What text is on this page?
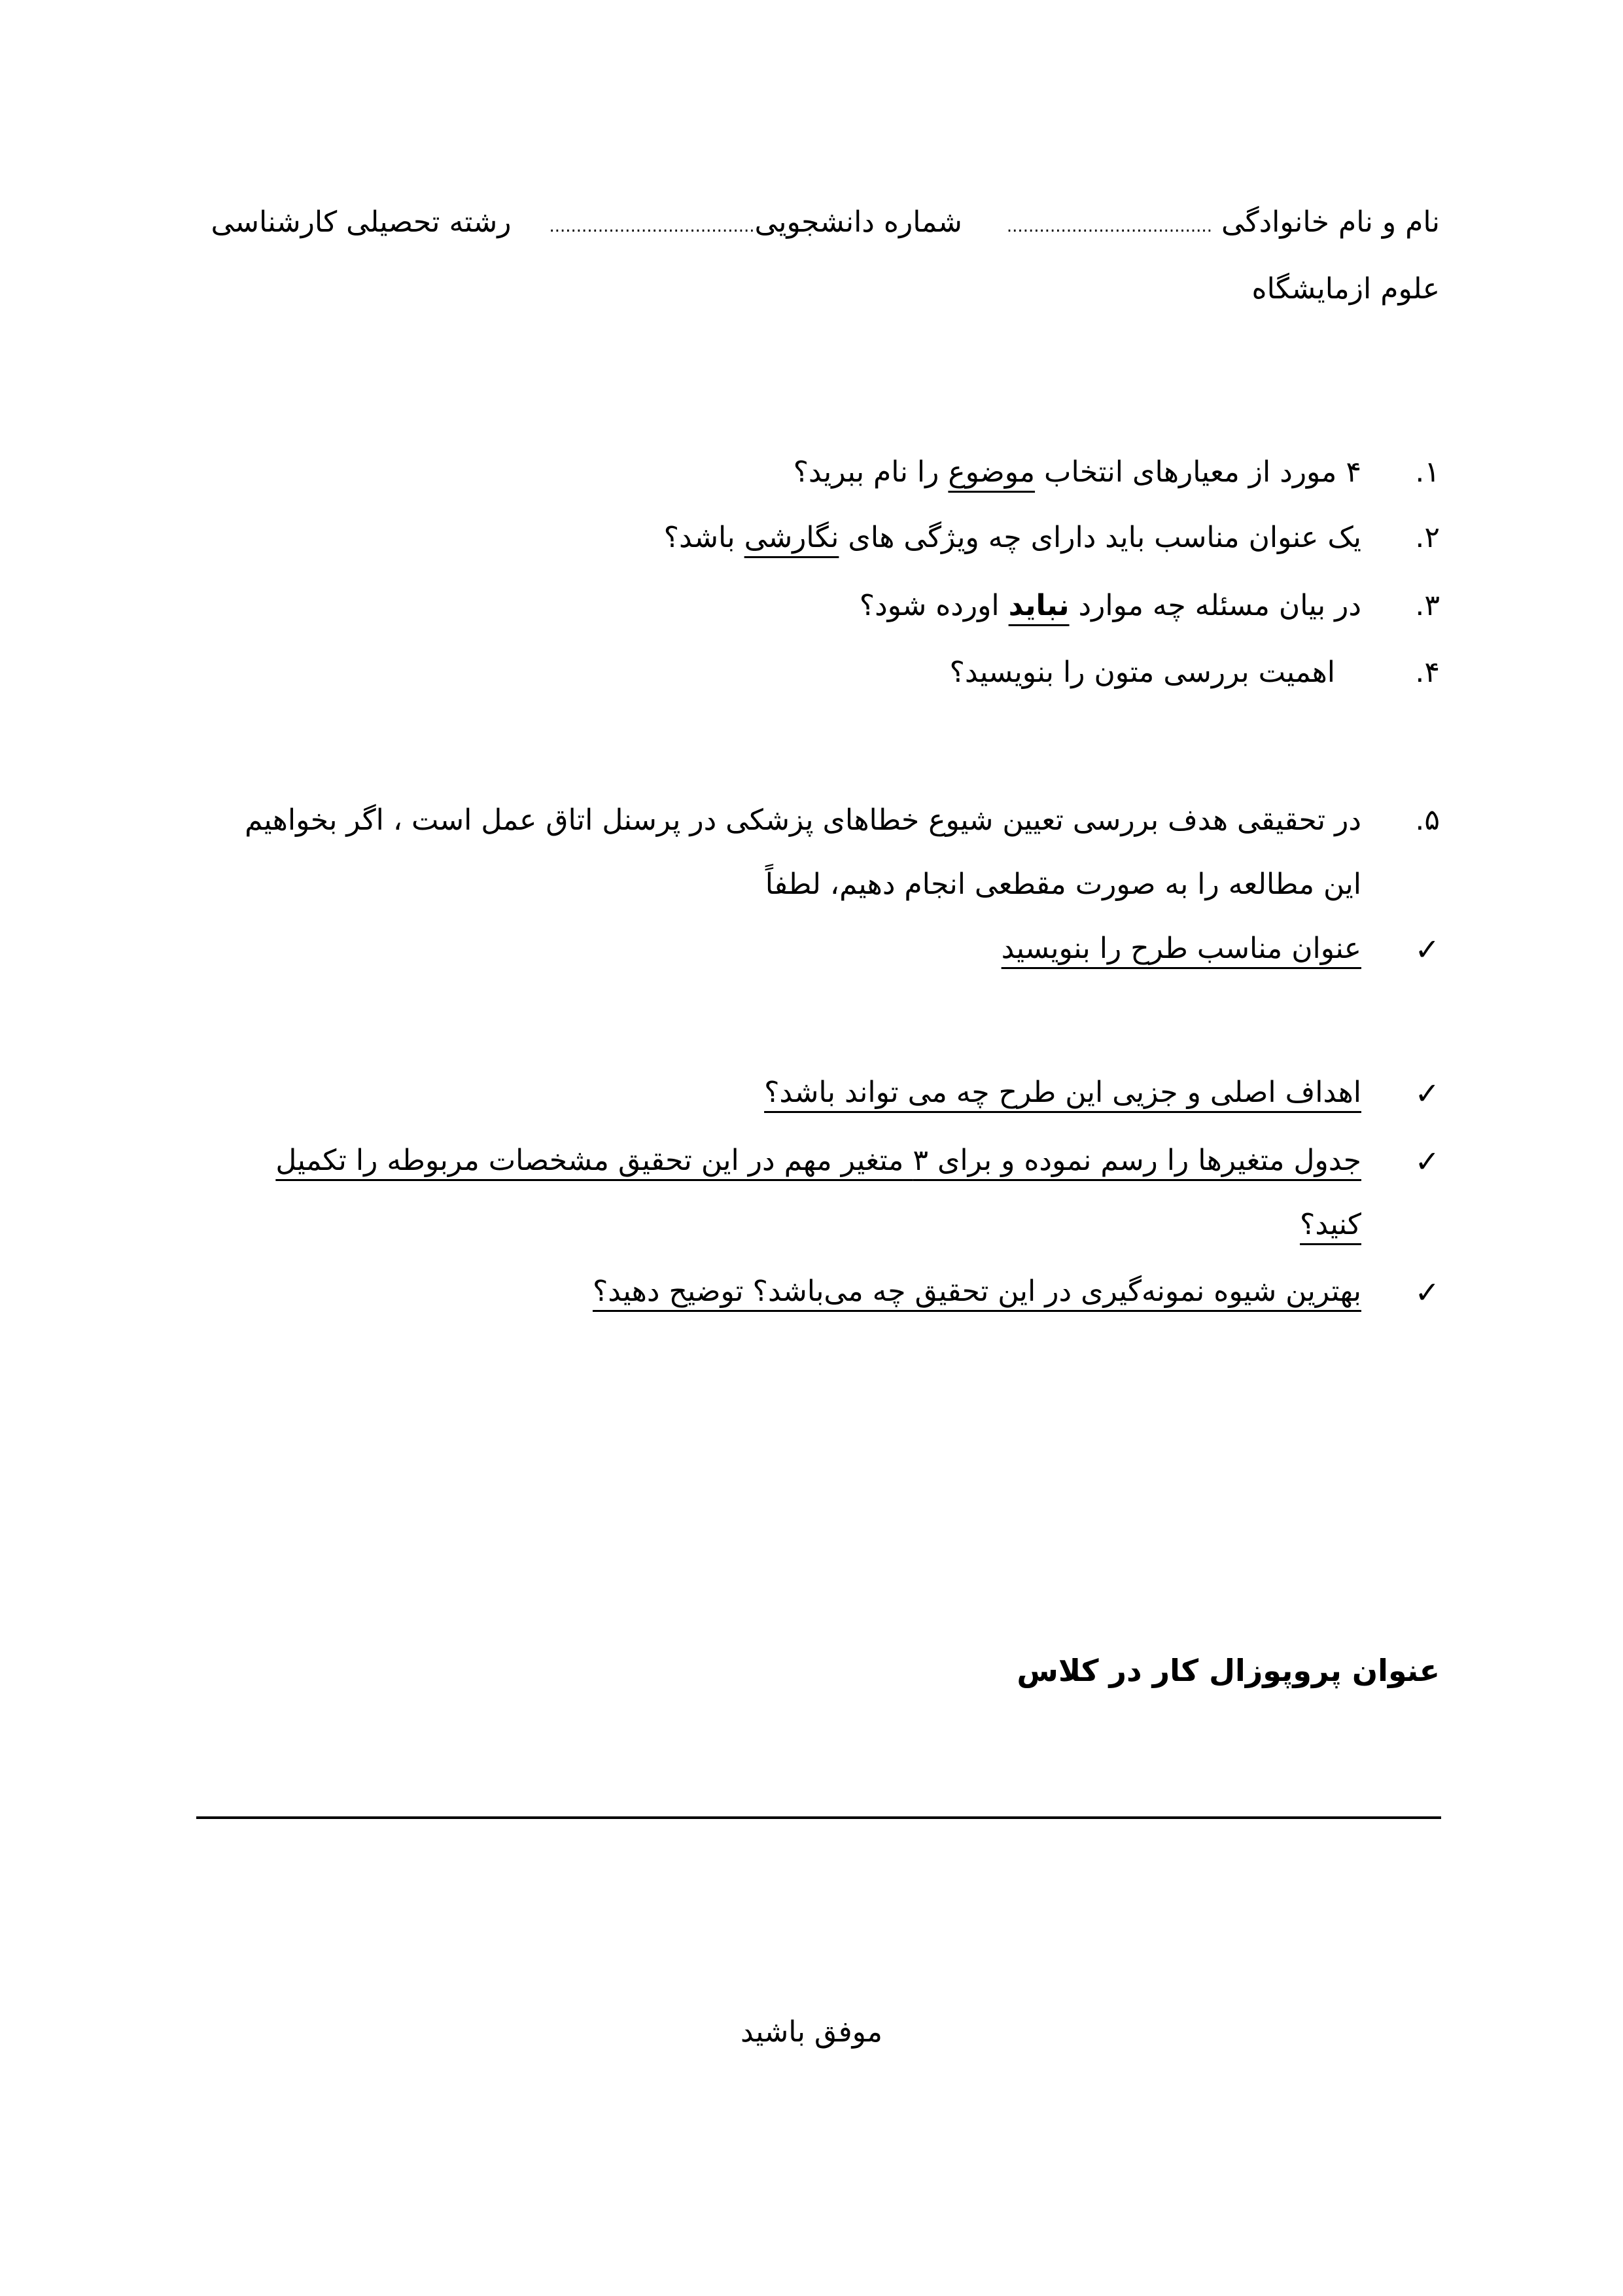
نام و نام خانوادگی ......................................  شماره دانشجویی......................................  رشته تحصیلی کارشناسی
علوم ازمایشگاه
۱.
۴ مورد از معیارهای انتخاب موضوع را نام ببرید؟
۲.
یک عنوان مناسب باید دارای چه ویژگی های نگارشی باشد؟
۳.
در بیان مسئله چه موارد نباید اورده شود؟
۴.
اهمیت بررسی متون را بنویسید؟
۵.
در تحقیقی هدف بررسی تعیین شیوع خطاهای پزشکی در پرسنل اتاق عمل است ، اگر بخواهیم
این مطالعه را به صورت مقطعی انجام دهیم، لطفاً
✓
عنوان مناسب طرح را بنویسید
✓
اهداف اصلی و جزیی این طرح چه می تواند باشد؟
✓
جدول متغیرها را رسم نموده و برای ۳ متغیر مهم در این تحقیق مشخصات مربوطه را تکمیل
کنید؟
✓
بهترین شیوه نمونه‌گیری در این تحقیق چه می‌باشد؟ توضیح دهید؟
عنوان پروپوزال کار در کلاس
موفق باشید
